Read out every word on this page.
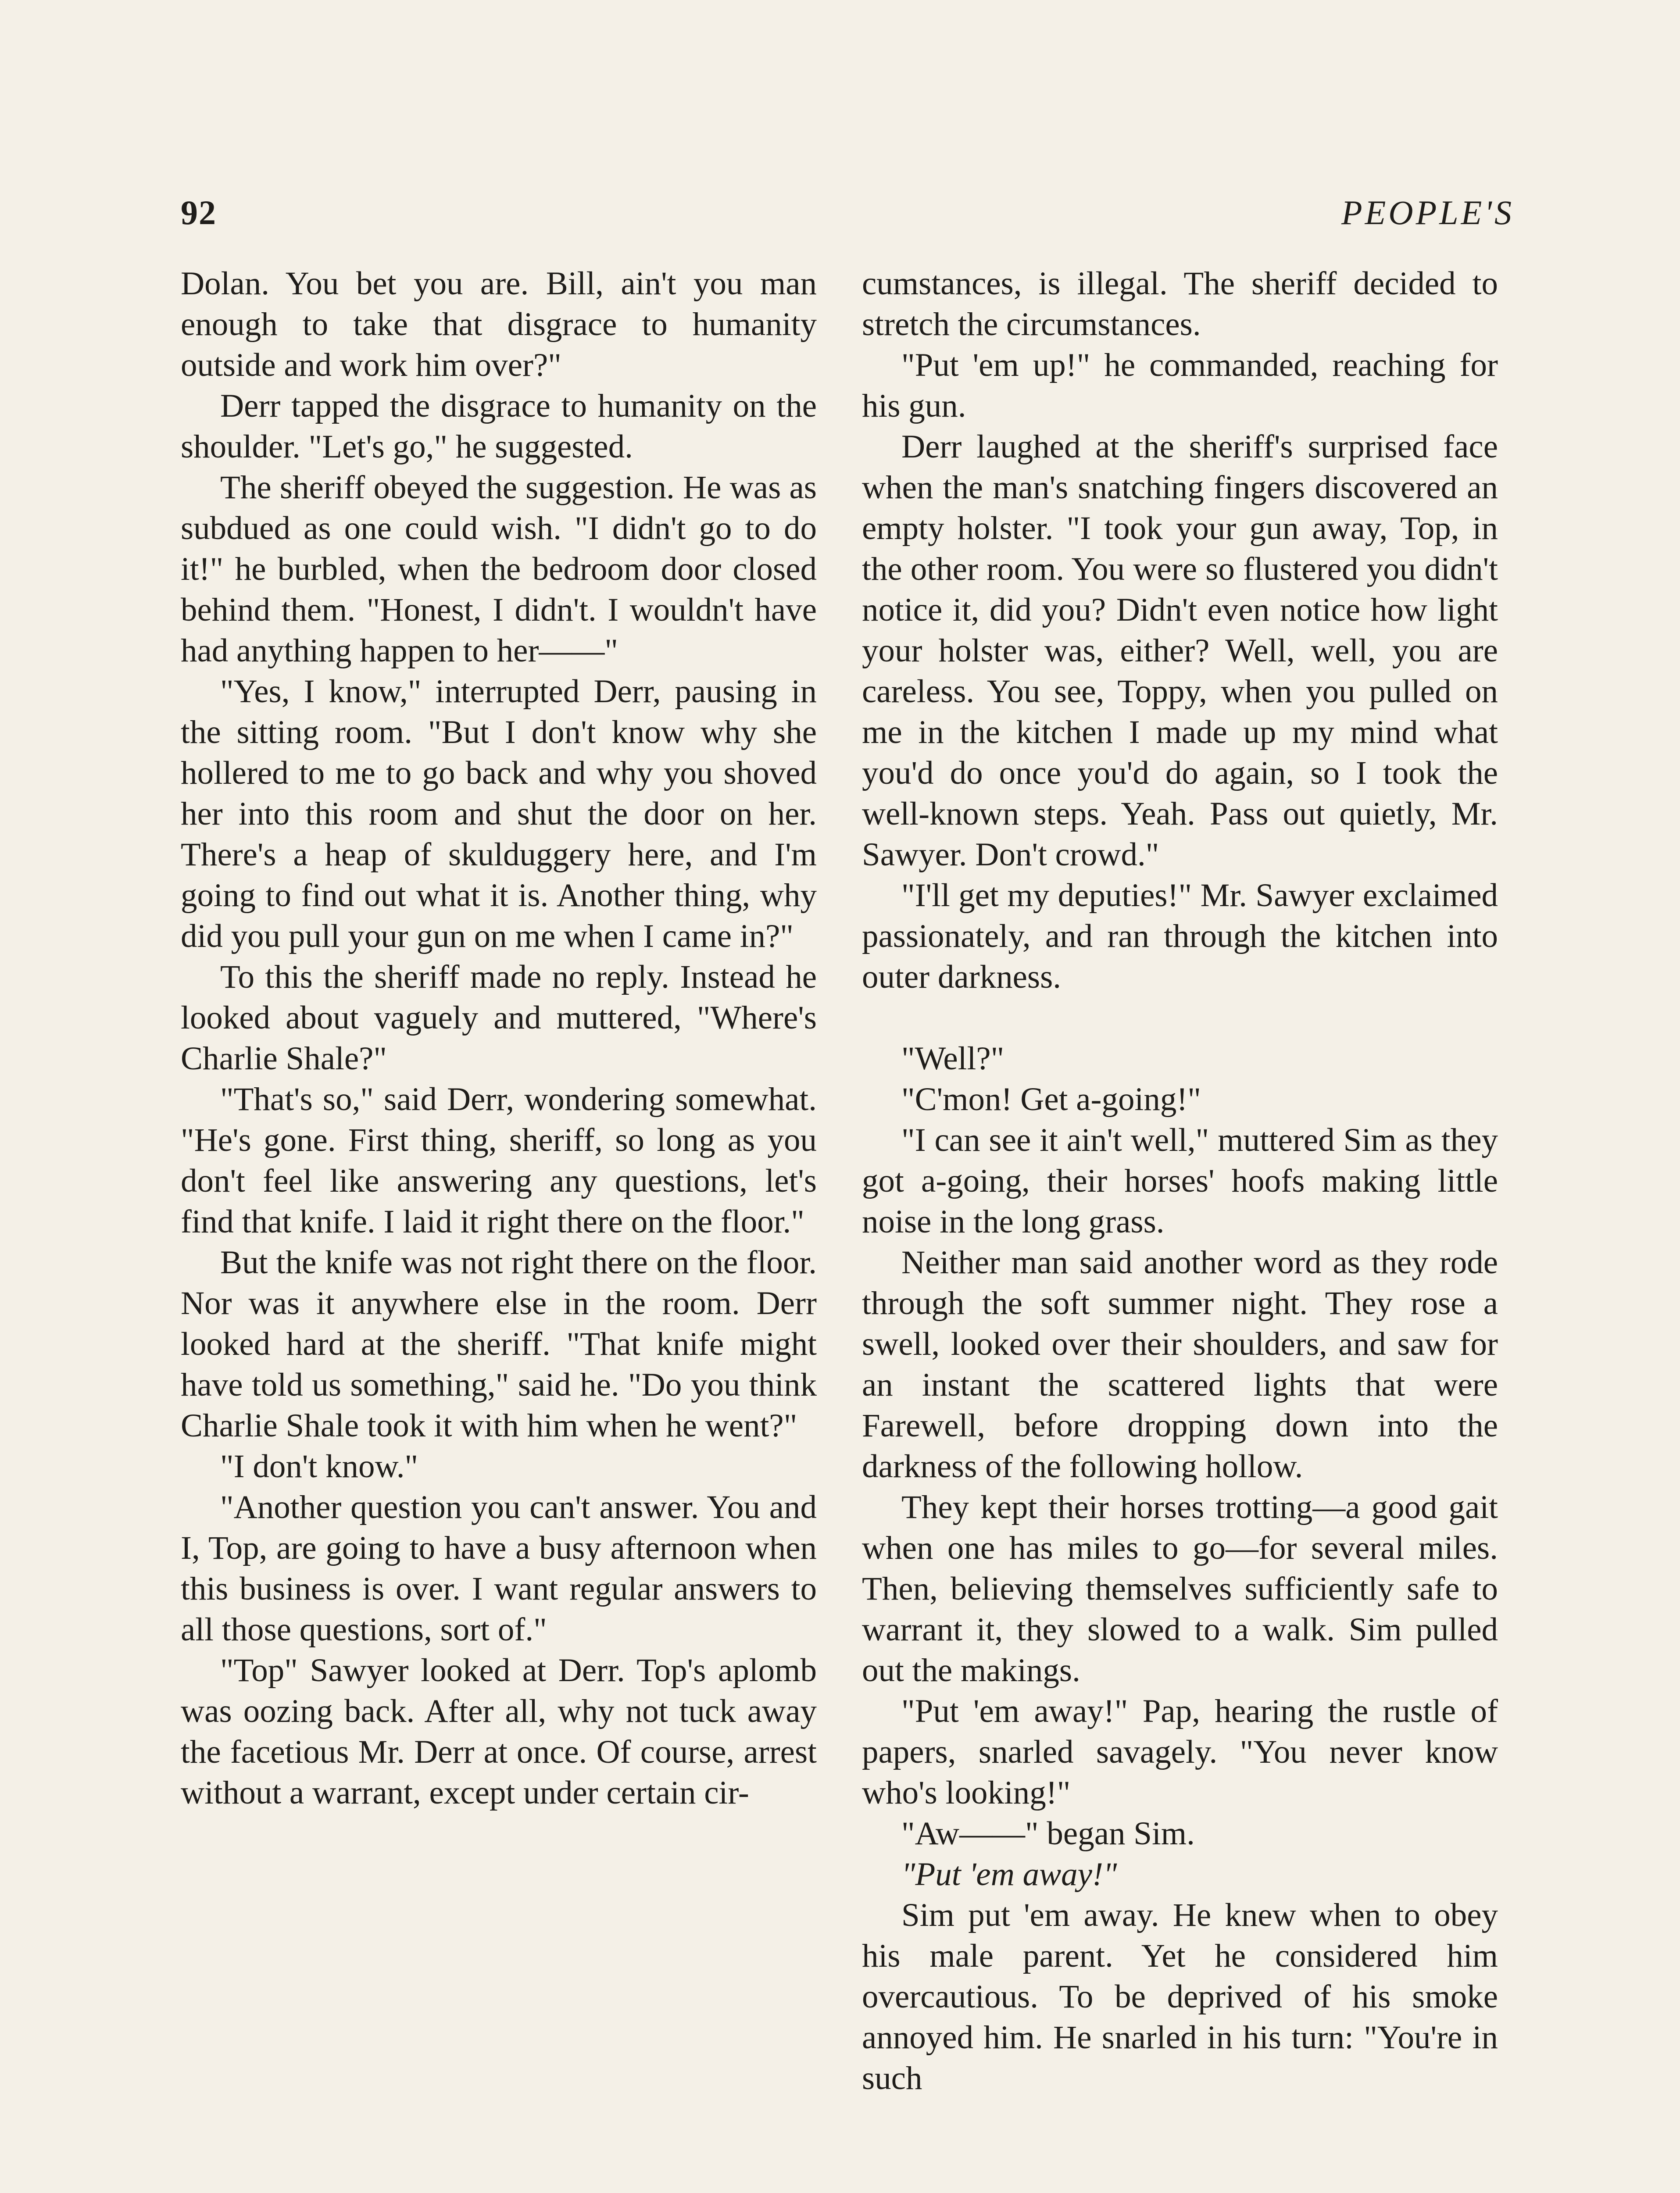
92	PEOPLE'S

Dolan. You bet you are. Bill, ain't you man enough to take that disgrace to humanity outside and work him over?"

Derr tapped the disgrace to humanity on the shoulder. "Let's go," he suggested.

The sheriff obeyed the suggestion. He was as subdued as one could wish. "I didn't go to do it!" he burbled, when the bedroom door closed behind them. "Honest, I didn't. I wouldn't have had anything happen to her——"

"Yes, I know," interrupted Derr, pausing in the sitting room. "But I don't know why she hollered to me to go back and why you shoved her into this room and shut the door on her. There's a heap of skulduggery here, and I'm going to find out what it is. Another thing, why did you pull your gun on me when I came in?"

To this the sheriff made no reply. Instead he looked about vaguely and muttered, "Where's Charlie Shale?"

"That's so," said Derr, wondering somewhat. "He's gone. First thing, sheriff, so long as you don't feel like answering any questions, let's find that knife. I laid it right there on the floor."

But the knife was not right there on the floor. Nor was it anywhere else in the room. Derr looked hard at the sheriff. "That knife might have told us something," said he. "Do you think Charlie Shale took it with him when he went?"

"I don't know."

"Another question you can't answer. You and I, Top, are going to have a busy afternoon when this business is over. I want regular answers to all those questions, sort of."

"Top" Sawyer looked at Derr. Top's aplomb was oozing back. After all, why not tuck away the facetious Mr. Derr at once. Of course, arrest without a warrant, except under certain cir-

cumstances, is illegal. The sheriff decided to stretch the circumstances.

"Put 'em up!" he commanded, reaching for his gun.

Derr laughed at the sheriff's surprised face when the man's snatching fingers discovered an empty holster. "I took your gun away, Top, in the other room. You were so flustered you didn't notice it, did you? Didn't even notice how light your holster was, either? Well, well, you are careless. You see, Toppy, when you pulled on me in the kitchen I made up my mind what you'd do once you'd do again, so I took the well-known steps. Yeah. Pass out quietly, Mr. Sawyer. Don't crowd."

"I'll get my deputies!" Mr. Sawyer exclaimed passionately, and ran through the kitchen into outer darkness.

"Well?"

"C'mon! Get a-going!"

"I can see it ain't well," muttered Sim as they got a-going, their horses' hoofs making little noise in the long grass.

Neither man said another word as they rode through the soft summer night. They rose a swell, looked over their shoulders, and saw for an instant the scattered lights that were Farewell, before dropping down into the darkness of the following hollow.

They kept their horses trotting—a good gait when one has miles to go—for several miles. Then, believing themselves sufficiently safe to warrant it, they slowed to a walk. Sim pulled out the makings.

"Put 'em away!" Pap, hearing the rustle of papers, snarled savagely. "You never know who's looking!"

"Aw——" began Sim.

"Put 'em away!"

Sim put 'em away. He knew when to obey his male parent. Yet he considered him overcautious. To be deprived of his smoke annoyed him. He snarled in his turn: "You're in such
